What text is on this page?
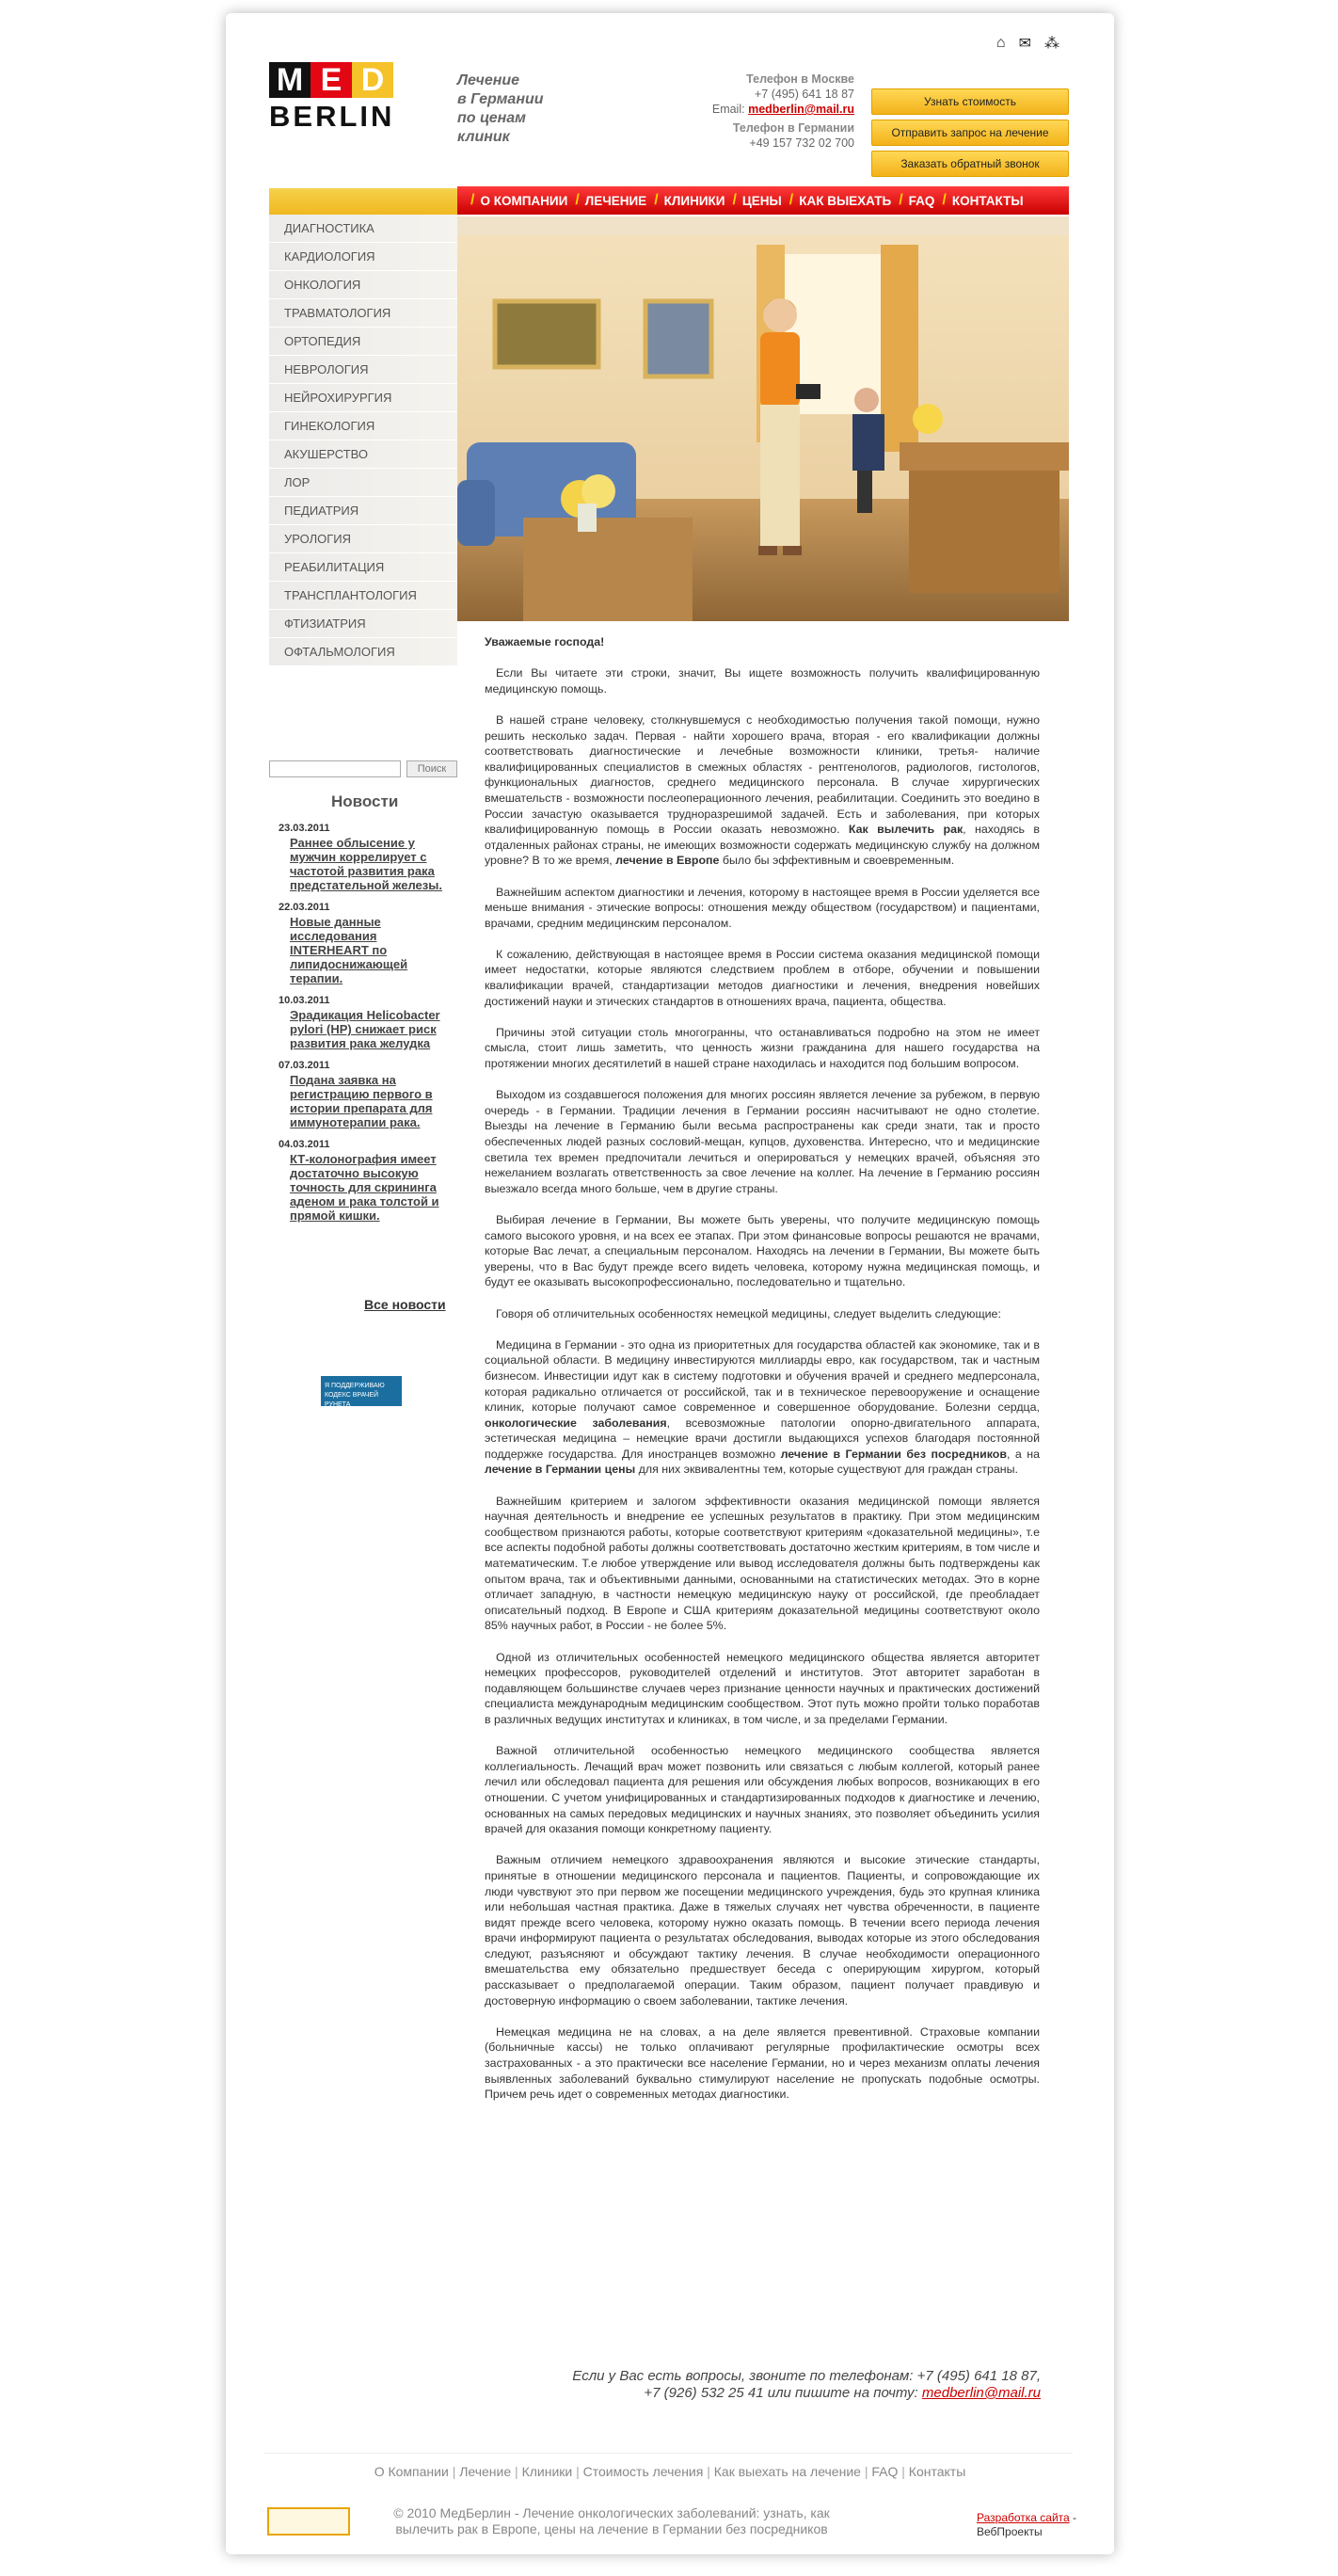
⌂ ✉ ⁂
M E D
BERLIN
Лечение
в Германии
по ценам
клиник
Телефон в Москве
+7 (495) 641 18 87
Email: medberlin@mail.ru
Телефон в Германии
+49 157 732 02 700
Узнать стоимость
Отправить запрос на лечение
Заказать обратный звонок
/ О КОМПАНИИ / ЛЕЧЕНИЕ / КЛИНИКИ / ЦЕНЫ / КАК ВЫЕХАТЬ / FAQ / КОНТАКТЫ
ДИАГНОСТИКА
КАРДИОЛОГИЯ
ОНКОЛОГИЯ
ТРАВМАТОЛОГИЯ
ОРТОПЕДИЯ
НЕВРОЛОГИЯ
НЕЙРОХИРУРГИЯ
ГИНЕКОЛОГИЯ
АКУШЕРСТВО
ЛОР
ПЕДИАТРИЯ
УРОЛОГИЯ
РЕАБИЛИТАЦИЯ
ТРАНСПЛАНТОЛОГИЯ
ФТИЗИАТРИЯ
ОФТАЛЬМОЛОГИЯ
Поиск
Новости
23.03.2011
Раннее облысение у мужчин коррелирует с частотой развития рака предстательной железы.
22.03.2011
Новые данные исследования INTERHEART по липидоснижающей терапии.
10.03.2011
Эрадикация Helicobacter pylori (HP) снижает риск развития рака желудка
07.03.2011
Подана заявка на регистрацию первого в истории препарата для иммунотерапии рака.
04.03.2011
КТ-колонография имеет достаточно высокую точность для скрининга аденом и рака толстой и прямой кишки.
Все новости
Я ПОДДЕРЖИВАЮ КОДЕКС ВРАЧЕЙ РУНЕТА

Уважаемые господа!

Если Вы читаете эти строки, значит, Вы ищете возможность получить квалифицированную медицинскую помощь.

В нашей стране человеку, столкнувшемуся с необходимостью получения такой помощи, нужно решить несколько задач. Первая - найти хорошего врача, вторая - его квалификации должны соответствовать диагностические и лечебные возможности клиники, третья- наличие квалифицированных специалистов в смежных областях - рентгенологов, радиологов, гистологов, функциональных диагностов, среднего медицинского персонала. В случае хирургических вмешательств - возможности послеоперационного лечения, реабилитации. Соединить это воедино в России зачастую оказывается трудноразрешимой задачей. Есть и заболевания, при которых квалифицированную помощь в России оказать невозможно. Как вылечить рак, находясь в отдаленных районах страны, не имеющих возможности содержать медицинскую службу на должном уровне? В то же время, лечение в Европе было бы эффективным и своевременным.

Важнейшим аспектом диагностики и лечения, которому в настоящее время в России уделяется все меньше внимания - этические вопросы: отношения между обществом (государством) и пациентами, врачами, средним медицинским персоналом.

К сожалению, действующая в настоящее время в России система оказания медицинской помощи имеет недостатки, которые являются следствием проблем в отборе, обучении и повышении квалификации врачей, стандартизации методов диагностики и лечения, внедрения новейших достижений науки и этических стандартов в отношениях врача, пациента, общества.

Причины этой ситуации столь многогранны, что останавливаться подробно на этом не имеет смысла, стоит лишь заметить, что ценность жизни гражданина для нашего государства на протяжении многих десятилетий в нашей стране находилась и находится под большим вопросом.

Выходом из создавшегося положения для многих россиян является лечение за рубежом, в первую очередь - в Германии. Традиции лечения в Германии россиян насчитывают не одно столетие. Выезды на лечение в Германию были весьма распространены как среди знати, так и просто обеспеченных людей разных сословий-мещан, купцов, духовенства. Интересно, что и медицинские светила тех времен предпочитали лечиться и оперироваться у немецких врачей, объясняя это нежеланием возлагать ответственность за свое лечение на коллег. На лечение в Германию россиян выезжало всегда много больше, чем в другие страны.

Выбирая лечение в Германии, Вы можете быть уверены, что получите медицинскую помощь самого высокого уровня, и на всех ее этапах. При этом финансовые вопросы решаются не врачами, которые Вас лечат, а специальным персоналом. Находясь на лечении в Германии, Вы можете быть уверены, что в Вас будут прежде всего видеть человека, которому нужна медицинская помощь, и будут ее оказывать высокопрофессионально, последовательно и тщательно.

Говоря об отличительных особенностях немецкой медицины, следует выделить следующие:

Медицина в Германии - это одна из приоритетных для государства областей как экономике, так и в социальной области. В медицину инвестируются миллиарды евро, как государством, так и частным бизнесом. Инвестиции идут как в систему подготовки и обучения врачей и среднего медперсонала, которая радикально отличается от российской, так и в техническое перевооружение и оснащение клиник, которые получают самое современное и совершенное оборудование. Болезни сердца, онкологические заболевания, всевозможные патологии опорно-двигательного аппарата, эстетическая медицина – немецкие врачи достигли выдающихся успехов благодаря постоянной поддержке государства. Для иностранцев возможно лечение в Германии без посредников, а на лечение в Германии цены для них эквивалентны тем, которые существуют для граждан страны.

Важнейшим критерием и залогом эффективности оказания медицинской помощи является научная деятельность и внедрение ее успешных результатов в практику. При этом медицинским сообществом признаются работы, которые соответствуют критериям «доказательной медицины», т.е все аспекты подобной работы должны соответствовать достаточно жестким критериям, в том числе и математическим. Т.е любое утверждение или вывод исследователя должны быть подтверждены как опытом врача, так и объективными данными, основанными на статистических методах. Это в корне отличает западную, в частности немецкую медицинскую науку от российской, где преобладает описательный подход. В Европе и США критериям доказательной медицины соответствуют около 85% научных работ, в России - не более 5%.

Одной из отличительных особенностей немецкого медицинского общества является авторитет немецких профессоров, руководителей отделений и институтов. Этот авторитет заработан в подавляющем большинстве случаев через признание ценности научных и практических достижений специалиста международным медицинским сообществом. Этот путь можно пройти только поработав в различных ведущих институтах и клиниках, в том числе, и за пределами Германии.

Важной отличительной особенностью немецкого медицинского сообщества является коллегиальность. Лечащий врач может позвонить или связаться с любым коллегой, который ранее лечил или обследовал пациента для решения или обсуждения любых вопросов, возникающих в его отношении. С учетом унифицированных и стандартизированных подходов к диагностике и лечению, основанных на самых передовых медицинских и научных знаниях, это позволяет объединить усилия врачей для оказания помощи конкретному пациенту.

Важным отличием немецкого здравоохранения являются и высокие этические стандарты, принятые в отношении медицинского персонала и пациентов. Пациенты, и сопровождающие их люди чувствуют это при первом же посещении медицинского учреждения, будь это крупная клиника или небольшая частная практика. Даже в тяжелых случаях нет чувства обреченности, в пациенте видят прежде всего человека, которому нужно оказать помощь. В течении всего периода лечения врачи информируют пациента о результатах обследования, выводах которые из этого обследования следуют, разъясняют и обсуждают тактику лечения. В случае необходимости операционного вмешательства ему обязательно предшествует беседа с оперирующим хирургом, который рассказывает о предполагаемой операции. Таким образом, пациент получает правдивую и достоверную информацию о своем заболевании, тактике лечения.

Немецкая медицина не на словах, а на деле является превентивной. Страховые компании (больничные кассы) не только оплачивают регулярные профилактические осмотры всех застрахованных - а это практически все население Германии, но и через механизм оплаты лечения выявленных заболеваний буквально стимулируют население не пропускать подобные осмотры. Причем речь идет о современных методах диагностики.

Если у Вас есть вопросы, звоните по телефонам: +7 (495) 641 18 87,
+7 (926) 532 25 41 или пишите на почту: medberlin@mail.ru
О Компании | Лечение | Клиники | Стоимость лечения | Как выехать на лечение | FAQ | Контакты
© 2010 МедБерлин - Лечение онкологических заболеваний: узнать, как вылечить рак в Европе, цены на лечение в Германии без посредников
Разработка сайта - ВебПроекты
